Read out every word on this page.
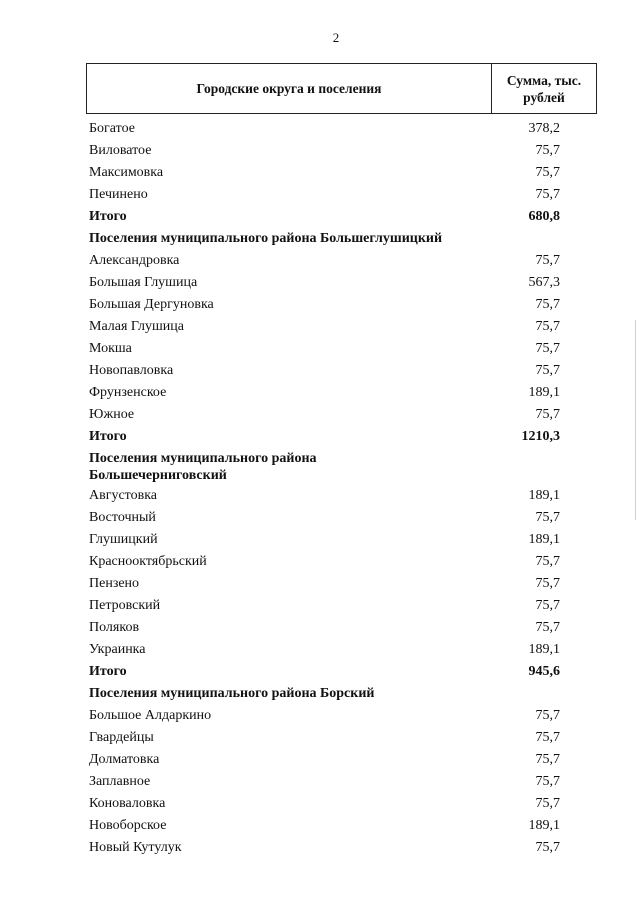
2
Городские округа и поселения	Сумма, тыс.
рублей
Богатое	378,2
Виловатое	75,7
Максимовка	75,7
Печинено	75,7
Итого	680,8
Поселения муниципального района Большеглушицкий
Александровка	75,7
Большая Глушица	567,3
Большая Дергуновка	75,7
Малая Глушица	75,7
Мокша	75,7
Новопавловка	75,7
Фрунзенское	189,1
Южное	75,7
Итого	1210,3
Поселения муниципального района
Большечерниговский
Августовка	189,1
Восточный	75,7
Глушицкий	189,1
Краснооктябрьский	75,7
Пензено	75,7
Петровский	75,7
Поляков	75,7
Украинка	189,1
Итого	945,6
Поселения муниципального района Борский
Большое Алдаркино	75,7
Гвардейцы	75,7
Долматовка	75,7
Заплавное	75,7
Коноваловка	75,7
Новоборское	189,1
Новый Кутулук	75,7
